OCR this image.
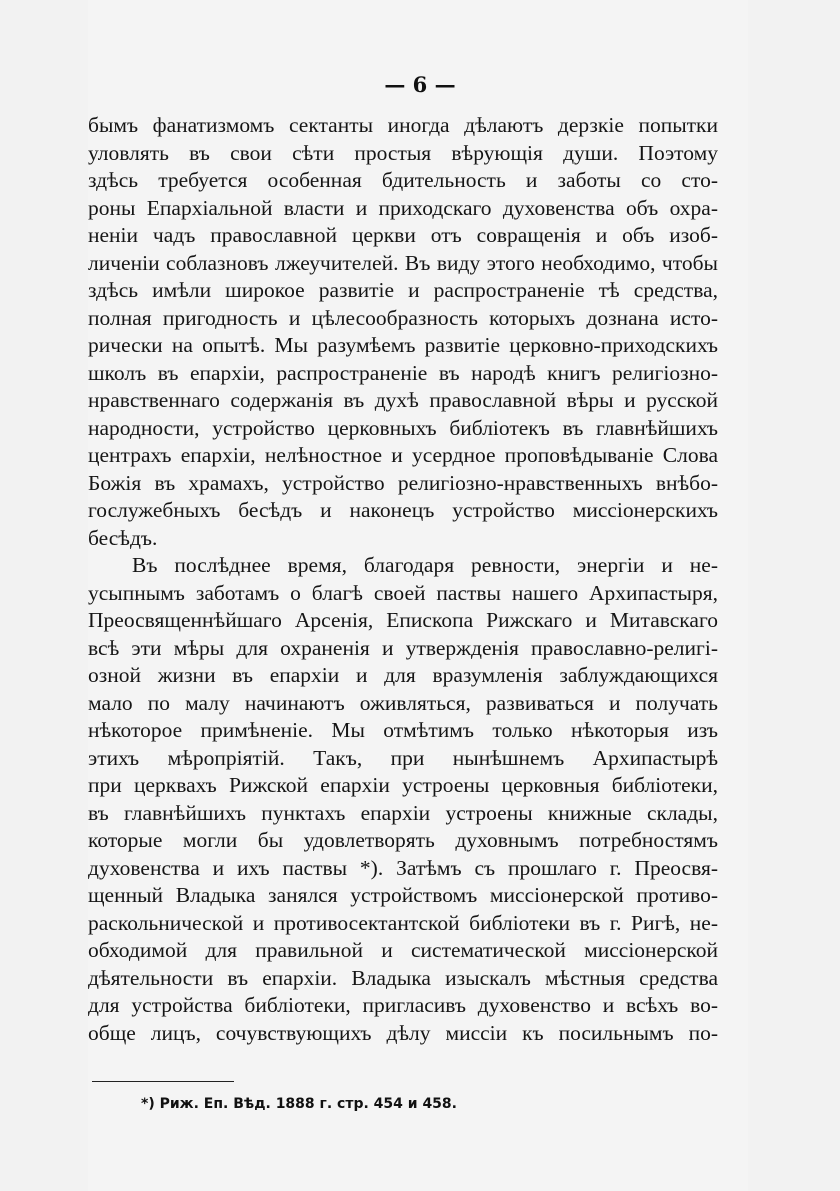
— 6 —
бымъ фанатизмомъ сектанты иногда дѣлаютъ дерзкіе попытки
уловлять въ свои сѣти простыя вѣрующія души. Поэтому
здѣсь требуется особенная бдительность и заботы со сто-
роны Епархіальной власти и приходскаго духовенства объ охра-
неніи чадъ православной церкви отъ совращенія и объ изоб-
личеніи соблазновъ лжеучителей. Въ виду этого необходимо, чтобы
здѣсь имѣли широкое развитіе и распространеніе тѣ средства,
полная пригодность и цѣлесообразность которыхъ дознана исто-
рически на опытѣ. Мы разумѣемъ развитіе церковно-приходскихъ
школъ въ епархіи, распространеніе въ народѣ книгъ религіозно-
нравственнаго содержанія въ духѣ православной вѣры и русской
народности, устройство церковныхъ библіотекъ въ главнѣйшихъ
центрахъ епархіи, нелѣностное и усердное проповѣдываніе Слова
Божія въ храмахъ, устройство религіозно-нравственныхъ внѣбо-
гослужебныхъ бесѣдъ и наконецъ устройство миссіонерскихъ
бесѣдъ.
Въ послѣднее время, благодаря ревности, энергіи и не-
усыпнымъ заботамъ о благѣ своей паствы нашего Архипастыря,
Преосвященнѣйшаго Арсенія, Епископа Рижскаго и Митавскаго
всѣ эти мѣры для охраненія и утвержденія православно-религі-
озной жизни въ епархіи и для вразумленія заблуждающихся
мало по малу начинаютъ оживляться, развиваться и получать
нѣкоторое примѣненіе. Мы отмѣтимъ только нѣкоторыя изъ
этихъ мѣропріятій. Такъ, при нынѣшнемъ Архипастырѣ
при церквахъ Рижской епархіи устроены церковныя библіотеки,
въ главнѣйшихъ пунктахъ епархіи устроены книжные склады,
которые могли бы удовлетворять духовнымъ потребностямъ
духовенства и ихъ паствы *). Затѣмъ съ прошлаго г. Преосвя-
щенный Владыка занялся устройствомъ миссіонерской противо-
раскольнической и противосектантской библіотеки въ г. Ригѣ, не-
обходимой для правильной и систематической миссіонерской
дѣятельности въ епархіи. Владыка изыскалъ мѣстныя средства
для устройства библіотеки, пригласивъ духовенство и всѣхъ во-
обще лицъ, сочувствующихъ дѣлу миссіи къ посильнымъ по-
*) Риж. Еп. Вѣд. 1888 г. стр. 454 и 458.
